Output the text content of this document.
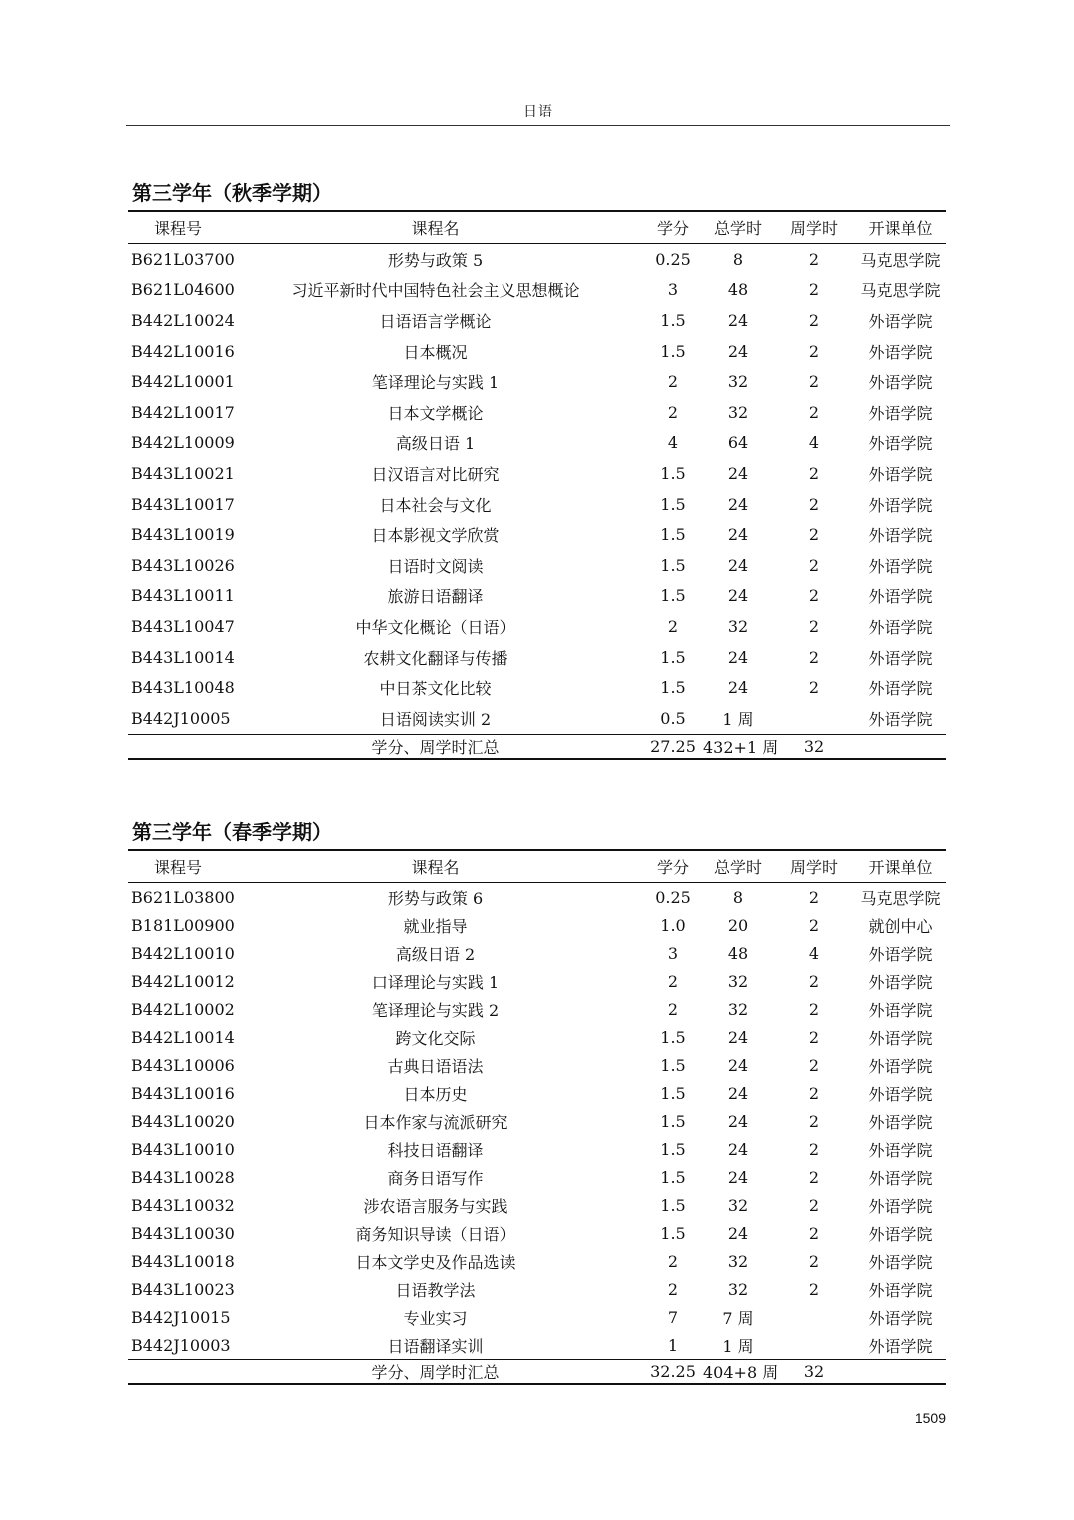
日语
第三学年（秋季学期）
课程号	课程名	学分	总学时	周学时	开课单位
B621L03700	形势与政策 5	0.25	8	2	马克思学院
B621L04600	习近平新时代中国特色社会主义思想概论	3	48	2	马克思学院
B442L10024	日语语言学概论	1.5	24	2	外语学院
B442L10016	日本概况	1.5	24	2	外语学院
B442L10001	笔译理论与实践 1	2	32	2	外语学院
B442L10017	日本文学概论	2	32	2	外语学院
B442L10009	高级日语 1	4	64	4	外语学院
B443L10021	日汉语言对比研究	1.5	24	2	外语学院
B443L10017	日本社会与文化	1.5	24	2	外语学院
B443L10019	日本影视文学欣赏	1.5	24	2	外语学院
B443L10026	日语时文阅读	1.5	24	2	外语学院
B443L10011	旅游日语翻译	1.5	24	2	外语学院
B443L10047	中华文化概论（日语）	2	32	2	外语学院
B443L10014	农耕文化翻译与传播	1.5	24	2	外语学院
B443L10048	中日茶文化比较	1.5	24	2	外语学院
B442J10005	日语阅读实训 2	0.5	1 周		外语学院
	学分、周学时汇总	27.25	432+1 周	32	
第三学年（春季学期）
课程号	课程名	学分	总学时	周学时	开课单位
B621L03800	形势与政策 6	0.25	8	2	马克思学院
B181L00900	就业指导	1.0	20	2	就创中心
B442L10010	高级日语 2	3	48	4	外语学院
B442L10012	口译理论与实践 1	2	32	2	外语学院
B442L10002	笔译理论与实践 2	2	32	2	外语学院
B442L10014	跨文化交际	1.5	24	2	外语学院
B443L10006	古典日语语法	1.5	24	2	外语学院
B443L10016	日本历史	1.5	24	2	外语学院
B443L10020	日本作家与流派研究	1.5	24	2	外语学院
B443L10010	科技日语翻译	1.5	24	2	外语学院
B443L10028	商务日语写作	1.5	24	2	外语学院
B443L10032	涉农语言服务与实践	1.5	32	2	外语学院
B443L10030	商务知识导读（日语）	1.5	24	2	外语学院
B443L10018	日本文学史及作品选读	2	32	2	外语学院
B443L10023	日语教学法	2	32	2	外语学院
B442J10015	专业实习	7	7 周		外语学院
B442J10003	日语翻译实训	1	1 周		外语学院
	学分、周学时汇总	32.25	404+8 周	32	
1509
